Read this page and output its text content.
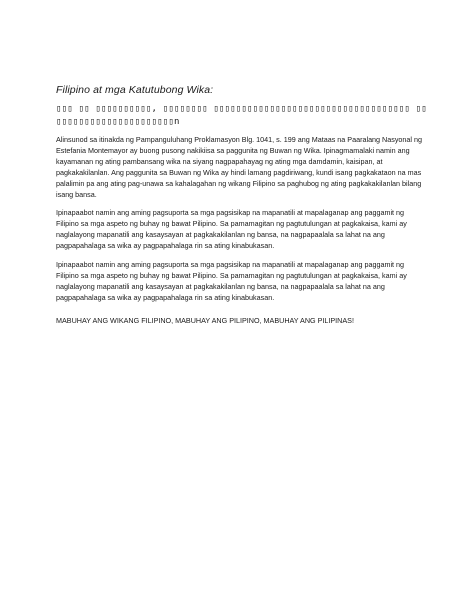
Filipino at mga Katutubong Wika:
▯▯▯ ▯▯ ▯▯▯▯▯▯▯▯▯▯, ▯▯▯▯▯▯▯▯ ▯▯▯▯▯▯▯▯▯▯▯▯▯▯▯▯▯▯▯▯▯▯▯▯▯▯▯▯▯▯▯▯▯▯▯ ▯▯▯▯▯▯▯▯▯▯▯▯▯▯▯▯▯▯▯▯▯▯▯n

Alinsunod sa itinakda ng Pampanguluhang Proklamasyon Blg. 1041, s. 199 ang Mataas na Paaralang Nasyonal ng Estefania Montemayor ay buong pusong nakikiisa sa paggunita ng Buwan ng Wika. Ipinagmamalaki namin ang kayamanan ng ating pambansang wika na siyang nagpapahayag ng ating mga damdamin, kaisipan, at pagkakakilanlan. Ang paggunita sa Buwan ng Wika ay hindi lamang pagdiriwang, kundi isang pagkakataon na mas palalimin pa ang ating pag-unawa sa kahalagahan ng wikang Filipino sa paghubog ng ating pagkakakilanlan bilang isang bansa.

Ipinapaabot namin ang aming pagsuporta sa mga pagsisikap na mapanatili at mapalaganap ang paggamit ng Filipino sa mga aspeto ng buhay ng bawat Pilipino. Sa pamamagitan ng pagtutulungan at pagkakaisa, kami ay naglalayong mapanatili ang kasaysayan at pagkakakilanlan ng bansa, na nagpapaalala sa lahat na ang pagpapahalaga sa wika ay pagpapahalaga rin sa ating kinabukasan.

Ipinapaabot namin ang aming pagsuporta sa mga pagsisikap na mapanatili at mapalaganap ang paggamit ng Filipino sa mga aspeto ng buhay ng bawat Pilipino. Sa pamamagitan ng pagtutulungan at pagkakaisa, kami ay naglalayong mapanatili ang kasaysayan at pagkakakilanlan ng bansa, na nagpapaalala sa lahat na ang pagpapahalaga sa wika ay pagpapahalaga rin sa ating kinabukasan.

MABUHAY ANG WIKANG FILIPINO, MABUHAY ANG PILIPINO, MABUHAY ANG PILIPINAS!
